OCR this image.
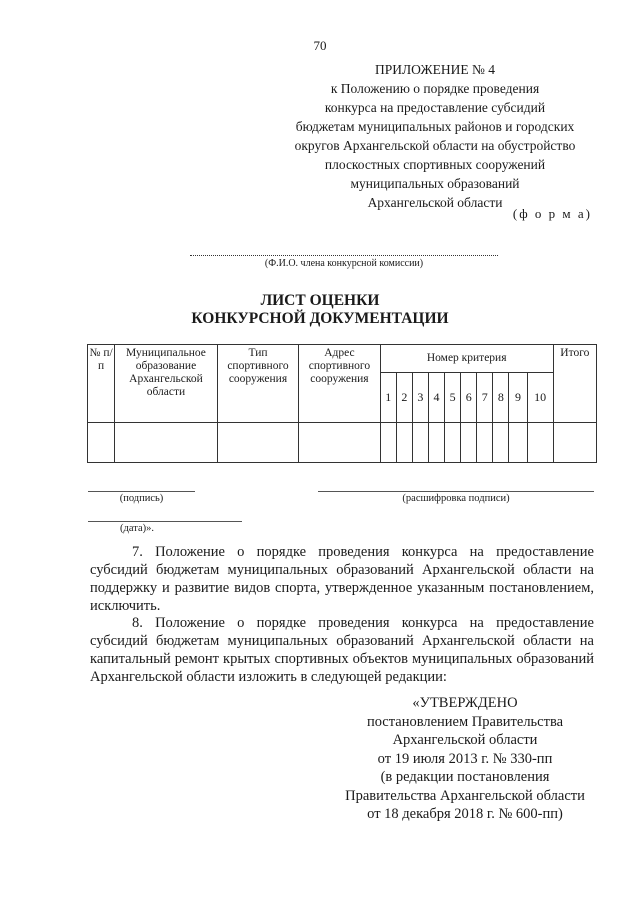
70
ПРИЛОЖЕНИЕ № 4
к Положению о порядке проведения
конкурса на предоставление субсидий
бюджетам муниципальных районов и городских
округов Архангельской области на обустройство
плоскостных спортивных сооружений
муниципальных образований
Архангельской области
(ф о р м а)
(Ф.И.О. члена конкурсной комиссии)
ЛИСТ ОЦЕНКИ
КОНКУРСНОЙ ДОКУМЕНТАЦИИ
№ п/п	Муниципальное образование Архангельской области	Тип спортивного сооружения	Адрес спортивного сооружения	Номер критерия										Итого
				1	2	3	4	5	6	7	8	9	10	

(подпись)	(расшифровка подписи)
(дата)».
7. Положение о порядке проведения конкурса на предоставление субсидий бюджетам муниципальных образований Архангельской области на поддержку и развитие видов спорта, утвержденное указанным постановлением, исключить.
8. Положение о порядке проведения конкурса на предоставление субсидий бюджетам муниципальных образований Архангельской области на капитальный ремонт крытых спортивных объектов муниципальных образований Архангельской области изложить в следующей редакции:
«УТВЕРЖДЕНО
постановлением Правительства
Архангельской области
от 19 июля 2013 г. № 330-пп
(в редакции постановления
Правительства Архангельской области
от 18 декабря 2018 г. № 600-пп)
